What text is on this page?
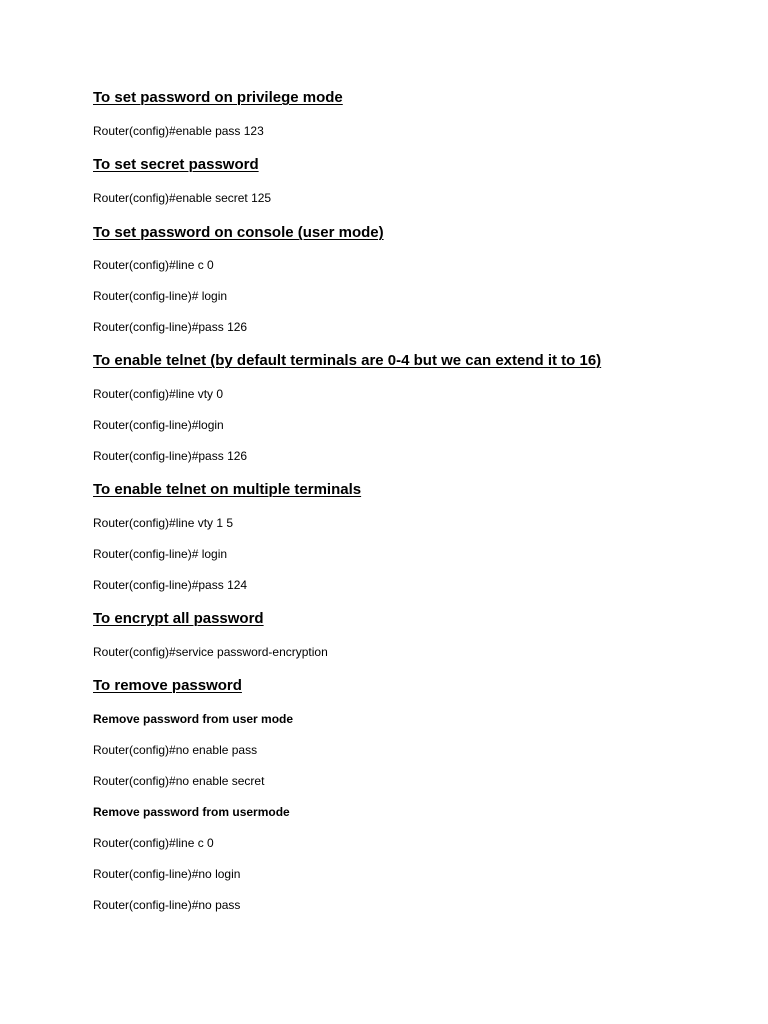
To set password on privilege mode
Router(config)#enable pass 123
To set secret password
Router(config)#enable secret 125
To set password on console (user mode)
Router(config)#line c 0
Router(config-line)# login
Router(config-line)#pass 126
To enable telnet (by default terminals are 0-4 but we can extend it to 16)
Router(config)#line vty 0
Router(config-line)#login
Router(config-line)#pass 126
To enable telnet on multiple terminals
Router(config)#line vty 1 5
Router(config-line)# login
Router(config-line)#pass 124
To encrypt all password
Router(config)#service password-encryption
To remove password
Remove password from user mode
Router(config)#no enable pass
Router(config)#no enable secret
Remove password from usermode
Router(config)#line c 0
Router(config-line)#no login
Router(config-line)#no pass
